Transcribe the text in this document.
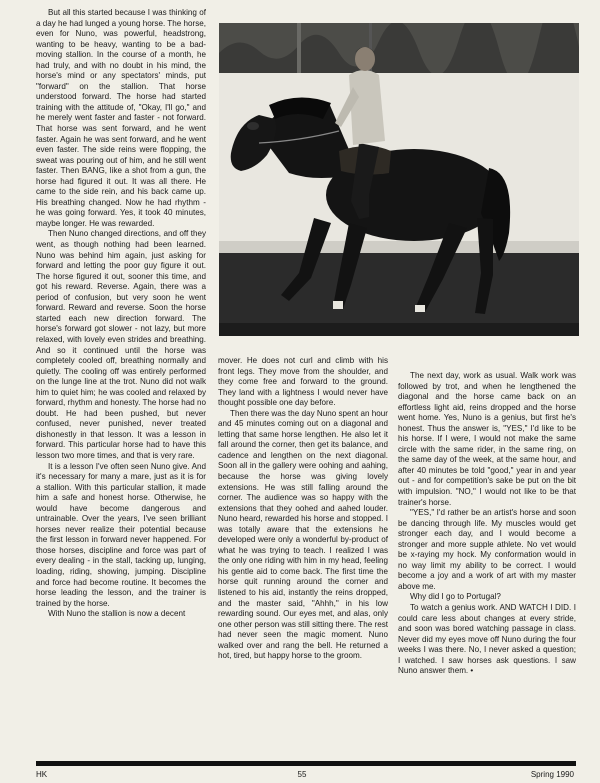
But all this started because I was thinking of a day he had lunged a young horse. The horse, even for Nuno, was powerful, headstrong, wanting to be heavy, wanting to be a bad-moving stallion. In the course of a month, he had truly, and with no doubt in his mind, the horse's mind or any spectators' minds, put "forward" on the stallion. That horse understood forward. The horse had started training with the attitude of, "Okay, I'll go," and he merely went faster and faster - not forward. That horse was sent forward, and he went faster. Again he was sent forward, and he went even faster. The side reins were flopping, the sweat was pouring out of him, and he still went faster. Then BANG, like a shot from a gun, the horse had figured it out. It was all there. He came to the side rein, and his back came up. His breathing changed. Now he had rhythm - he was going forward. Yes, it took 40 minutes, maybe longer. He was rewarded.

Then Nuno changed directions, and off they went, as though nothing had been learned. Nuno was behind him again, just asking for forward and letting the poor guy figure it out. The horse figured it out, sooner this time, and got his reward. Reverse. Again, there was a period of confusion, but very soon he went forward. Reward and reverse. Soon the horse started each new direction forward. The horse's forward got slower - not lazy, but more relaxed, with lovely even strides and breathing. And so it continued until the horse was completely cooled off, breathing normally and quietly. The cooling off was entirely performed on the lunge line at the trot. Nuno did not walk him to quiet him; he was cooled and relaxed by forward, rhythm and honesty. The horse had no doubt. He had been pushed, but never confused, never punished, never treated dishonestly in that lesson. It was a lesson in forward. This particular horse had to have this lesson two more times, and that is very rare.

It is a lesson I've often seen Nuno give. And it's necessary for many a mare, just as it is for a stallion. With this particular stallion, it made him a safe and honest horse. Otherwise, he would have become dangerous and untrainable. Over the years, I've seen brilliant horses never realize their potential because the first lesson in forward never happened. For those horses, discipline and force was part of every dealing - in the stall, tacking up, lunging, loading, riding, showing, jumping. Discipline and force had become routine. It becomes the horse leading the lesson, and the trainer is trained by the horse.

With Nuno the stallion is now a decent

mover. He does not curl and climb with his front legs. They move from the shoulder, and they come free and forward to the ground. They land with a lightness I would never have thought possible one day before.

Then there was the day Nuno spent an hour and 45 minutes coming out on a diagonal and letting that same horse lengthen. He also let it fall around the corner, then get its balance, and cadence and lengthen on the next diagonal. Soon all in the gallery were oohing and aahing, because the horse was giving lovely extensions. He was still falling around the corner. The audience was so happy with the extensions that they oohed and aahed louder. Nuno heard, rewarded his horse and stopped. I was totally aware that the extensions he developed were only a wonderful by-product of what he was trying to teach. I realized I was the only one riding with him in my head, feeling his gentle aid to come back. The first time the horse quit running around the corner and listened to his aid, instantly the reins dropped, and the master said, "Ahhh," in his low rewarding sound. Our eyes met, and alas, only one other person was still sitting there. The rest had never seen the magic moment. Nuno walked over and rang the bell. He returned a hot, tired, but happy horse to the groom.

The next day, work as usual. Walk work was followed by trot, and when he lengthened the diagonal and the horse came back on an effortless light aid, reins dropped and the horse went home. Yes, Nuno is a genius, but first he's honest. Thus the answer is, "YES," I'd like to be his horse. If I were, I would not make the same circle with the same rider, in the same ring, on the same day of the week, at the same hour, and after 40 minutes be told "good," year in and year out - and for competition's sake be put on the bit with impulsion. "NO," I would not like to be that trainer's horse.

"YES," I'd rather be an artist's horse and soon be dancing through life. My muscles would get stronger each day, and I would become a stronger and more supple athlete. No vet would be x-raying my hock. My conformation would in no way limit my ability to be correct. I would become a joy and a work of art with my master above me.

Why did I go to Portugal?

To watch a genius work. AND WATCH I DID. I could care less about changes at every stride, and soon was bored watching passage in class. Never did my eyes move off Nuno during the four weeks I was there. No, I never asked a question; I watched. I saw horses ask questions. I saw Nuno answer them. •

HK	55	Spring 1990
